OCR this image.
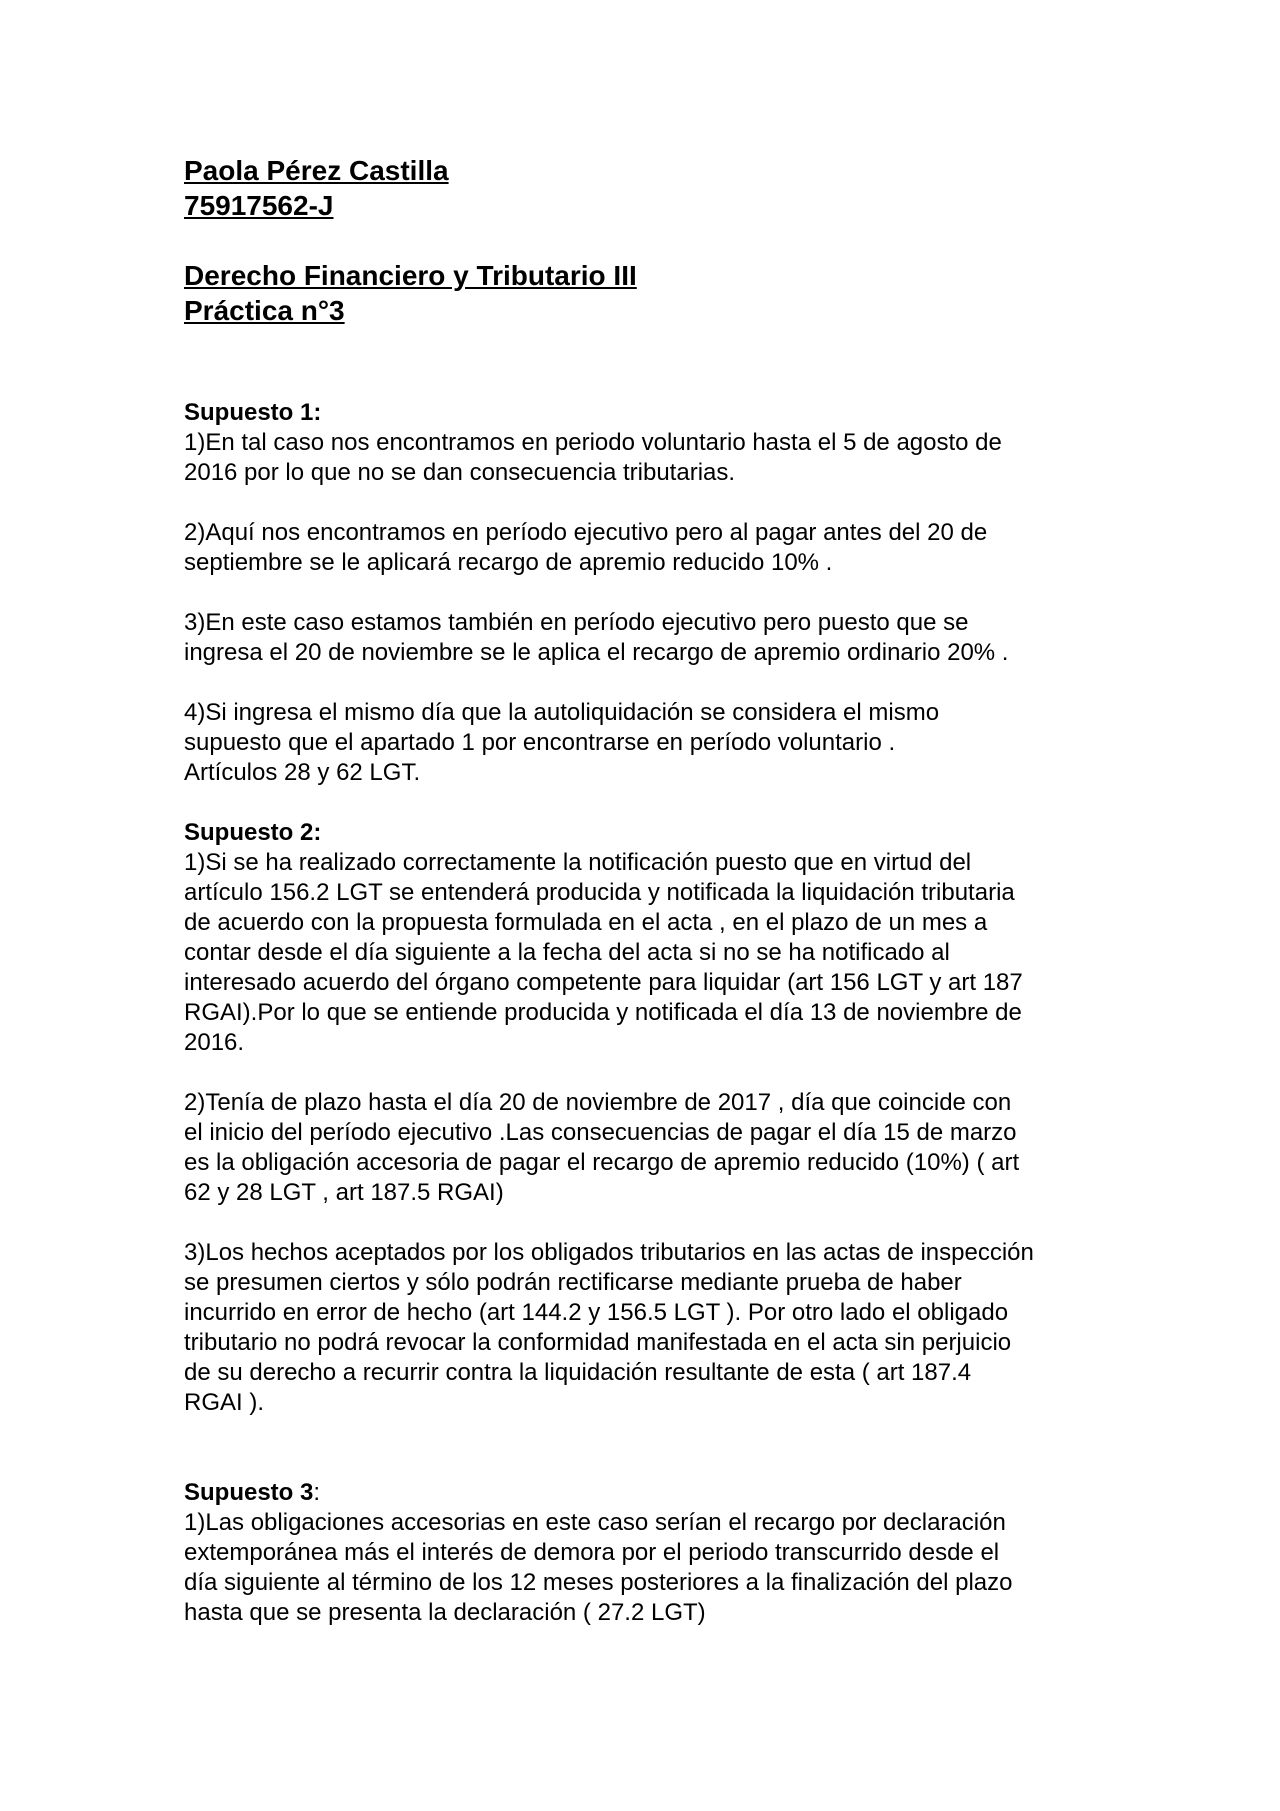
Paola Pérez Castilla

75917562-J

Derecho Financiero y Tributario III

Práctica n°3

Supuesto 1:

1)En tal caso nos encontramos en periodo voluntario hasta el 5 de agosto de
2016 por lo que no se dan consecuencia tributarias.

2)Aquí nos encontramos en período ejecutivo pero al pagar antes del 20 de
septiembre se le aplicará recargo de apremio reducido 10% .

3)En este caso estamos también en período ejecutivo pero puesto que se
ingresa el 20 de noviembre se le aplica el recargo de apremio ordinario 20% .

4)Si ingresa el mismo día que la autoliquidación se considera el mismo
supuesto que el apartado 1 por encontrarse en período voluntario .
Artículos 28 y 62 LGT.

Supuesto 2:

1)Si se ha realizado correctamente la notificación puesto que en virtud del
artículo 156.2 LGT se entenderá producida y notificada la liquidación tributaria
de acuerdo con la propuesta formulada en el acta , en el plazo de un mes a
contar desde el día siguiente a la fecha del acta si no se ha notificado al
interesado acuerdo del órgano competente para liquidar (art 156 LGT y art 187
RGAI).Por lo que se entiende producida y notificada el día 13 de noviembre de
2016.

2)Tenía de plazo hasta el día 20 de noviembre de 2017 , día que coincide con
el inicio del período ejecutivo .Las consecuencias de pagar el día 15 de marzo
es la obligación accesoria de pagar el recargo de apremio reducido (10%) ( art
62 y 28 LGT , art 187.5 RGAI)

3)Los hechos aceptados por los obligados tributarios en las actas de inspección
se presumen ciertos y sólo podrán rectificarse mediante prueba de haber
incurrido en error de hecho (art 144.2 y 156.5 LGT ). Por otro lado el obligado
tributario no podrá revocar la conformidad manifestada en el acta sin perjuicio
de su derecho a recurrir contra la liquidación resultante de esta ( art 187.4
RGAI ).

Supuesto 3:

1)Las obligaciones accesorias en este caso serían el recargo por declaración
extemporánea más el interés de demora por el periodo transcurrido desde el
día siguiente al término de los 12 meses posteriores a la finalización del plazo
hasta que se presenta la declaración ( 27.2 LGT)
